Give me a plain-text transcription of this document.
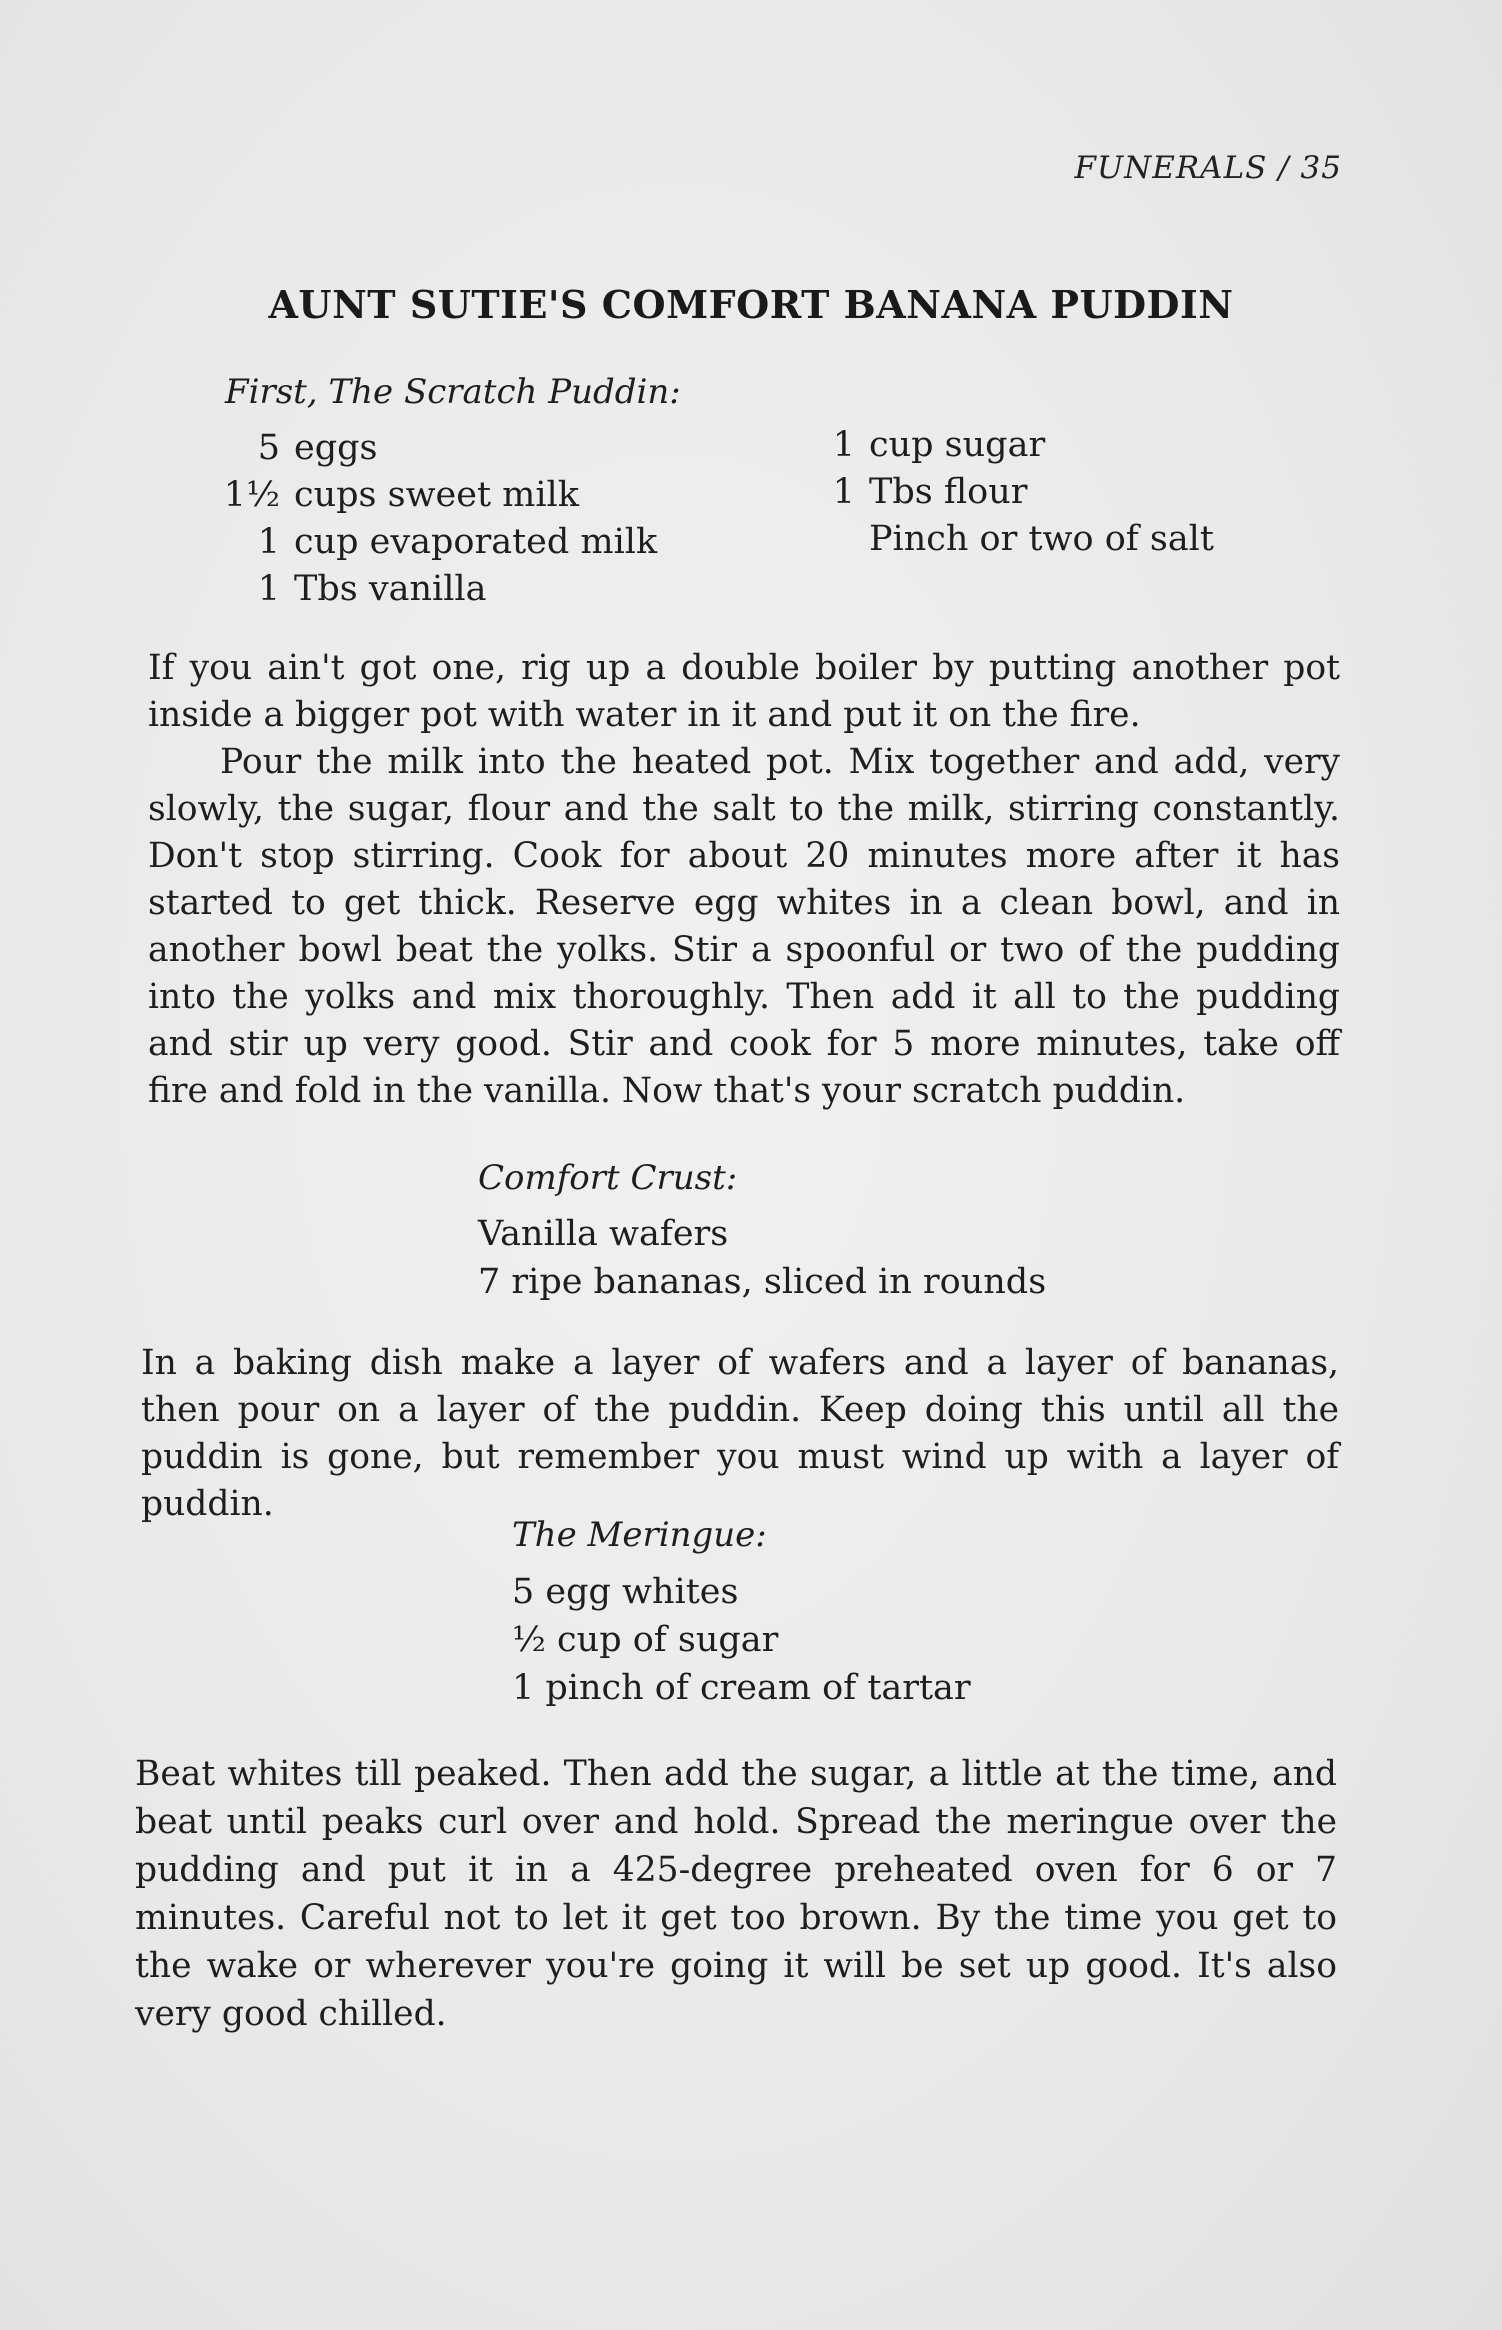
FUNERALS / 35
AUNT SUTIE'S COMFORT BANANA PUDDIN
First, The Scratch Puddin:
5 eggs
1½ cups sweet milk
1 cup evaporated milk
1 Tbs vanilla
1 cup sugar
1 Tbs flour
Pinch or two of salt

If you ain't got one, rig up a double boiler by putting another pot inside a bigger pot with water in it and put it on the fire.

Pour the milk into the heated pot. Mix together and add, very slowly, the sugar, flour and the salt to the milk, stirring constantly. Don't stop stirring. Cook for about 20 minutes more after it has started to get thick. Reserve egg whites in a clean bowl, and in another bowl beat the yolks. Stir a spoonful or two of the pudding into the yolks and mix thoroughly. Then add it all to the pudding and stir up very good. Stir and cook for 5 more minutes, take off fire and fold in the vanilla. Now that's your scratch puddin.

Comfort Crust:
Vanilla wafers
7 ripe bananas, sliced in rounds

In a baking dish make a layer of wafers and a layer of bananas, then pour on a layer of the puddin. Keep doing this until all the puddin is gone, but remember you must wind up with a layer of puddin.

The Meringue:
5 egg whites
½ cup of sugar
1 pinch of cream of tartar

Beat whites till peaked. Then add the sugar, a little at the time, and beat until peaks curl over and hold. Spread the meringue over the pudding and put it in a 425-degree preheated oven for 6 or 7 minutes. Careful not to let it get too brown. By the time you get to the wake or wherever you're going it will be set up good. It's also very good chilled.
